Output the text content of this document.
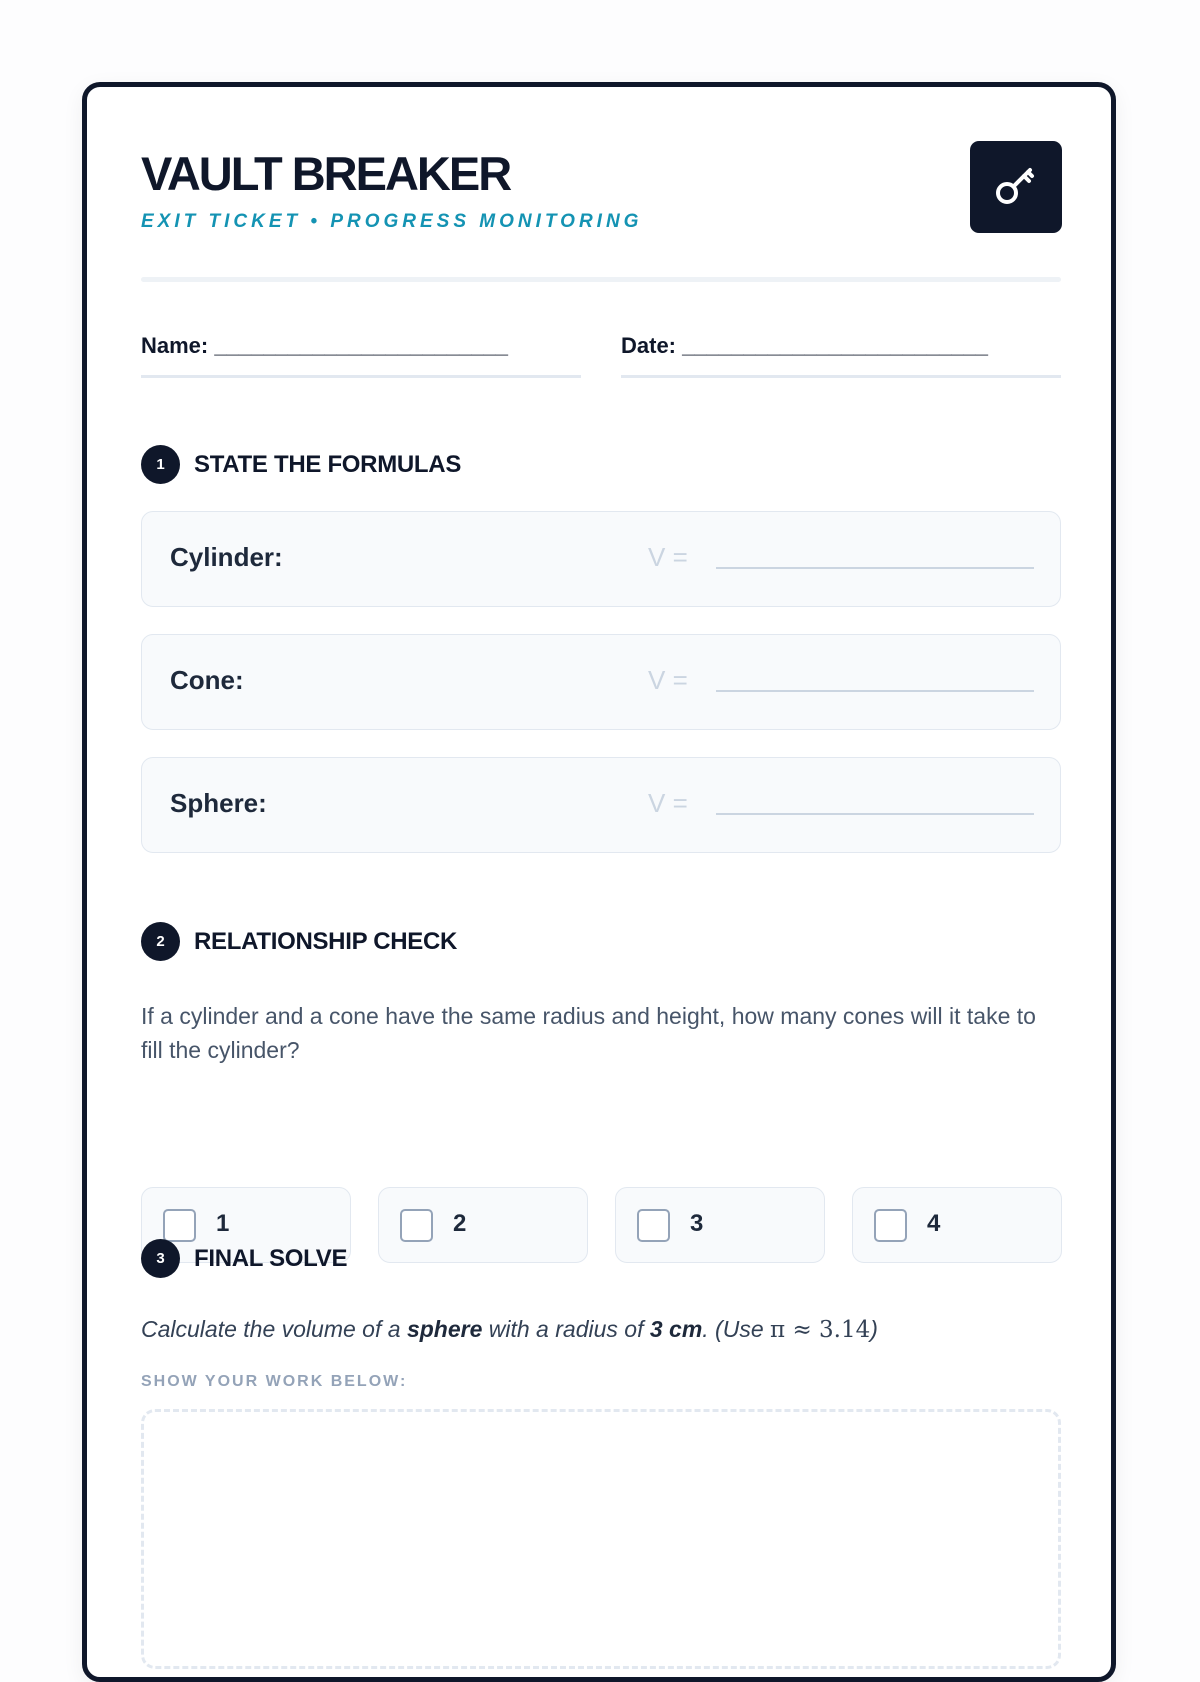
VAULT BREAKER
EXIT TICKET • PROGRESS MONITORING
Name: ________________________	Date: _________________________
1	STATE THE FORMULAS
Cylinder:	V =
Cone:	V =
Sphere:	V =
2	RELATIONSHIP CHECK
If a cylinder and a cone have the same radius and height, how many cones will it take to fill the cylinder?
1	2	3	4
3	FINAL SOLVE
Calculate the volume of a sphere with a radius of 3 cm. (Use π ≈ 3.14)
SHOW YOUR WORK BELOW:
